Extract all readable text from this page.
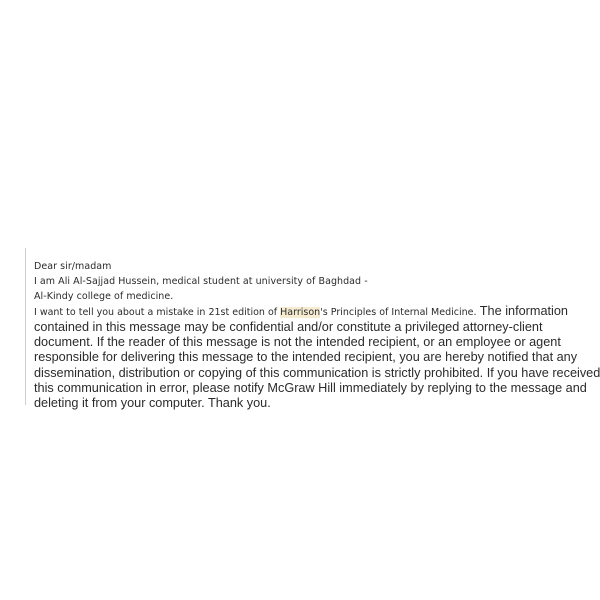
Dear sir/madam
I am Ali Al-Sajjad Hussein, medical student at university of Baghdad -
Al-Kindy college of medicine.
I want to tell you about a mistake in 21st edition of Harrison's Principles of Internal Medicine. The information
contained in this message may be confidential and/or constitute a privileged attorney-client
document. If the reader of this message is not the intended recipient, or an employee or agent
responsible for delivering this message to the intended recipient, you are hereby notified that any
dissemination, distribution or copying of this communication is strictly prohibited. If you have received
this communication in error, please notify McGraw Hill immediately by replying to the message and
deleting it from your computer. Thank you.
